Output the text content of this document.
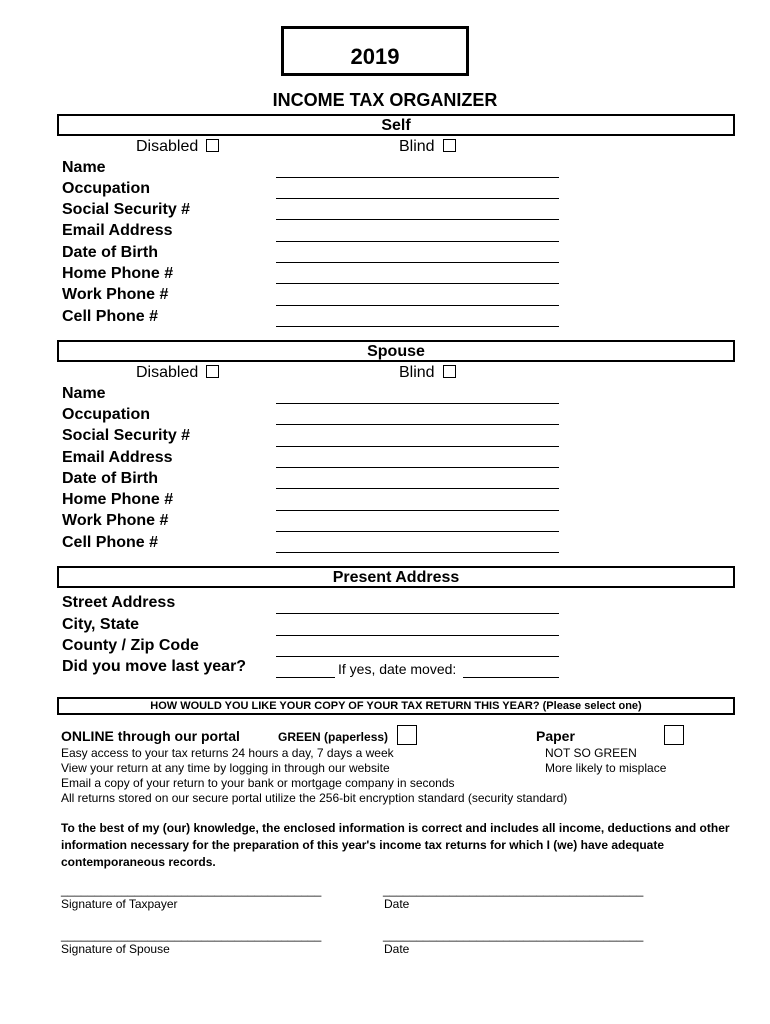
2019
INCOME TAX ORGANIZER
Self
Disabled	Blind
Name
Occupation
Social Security #
Email Address
Date of Birth
Home Phone #
Work Phone #
Cell Phone #
Spouse
Disabled	Blind
Name
Occupation
Social Security #
Email Address
Date of Birth
Home Phone #
Work Phone #
Cell Phone #
Present Address
Street Address
City, State
County / Zip Code
Did you move last year?	If yes, date moved:
HOW WOULD YOU LIKE YOUR COPY OF YOUR TAX RETURN THIS YEAR? (Please select one)
ONLINE through our portal	GREEN (paperless)	Paper
Easy access to your tax returns 24 hours a day, 7 days a week
View your return at any time by logging in through our website
Email a copy of your return to your bank or mortgage company in seconds
All returns stored on our secure portal utilize the 256-bit encryption standard (security standard)
NOT SO GREEN
More likely to misplace
To the best of my (our) knowledge, the enclosed information is correct and includes all income, deductions and other information necessary for the preparation of this year's income tax returns for which I (we) have adequate contemporaneous records.
_______________________________________	_______________________________________
Signature of Taxpayer	Date
_______________________________________	_______________________________________
Signature of Spouse	Date
